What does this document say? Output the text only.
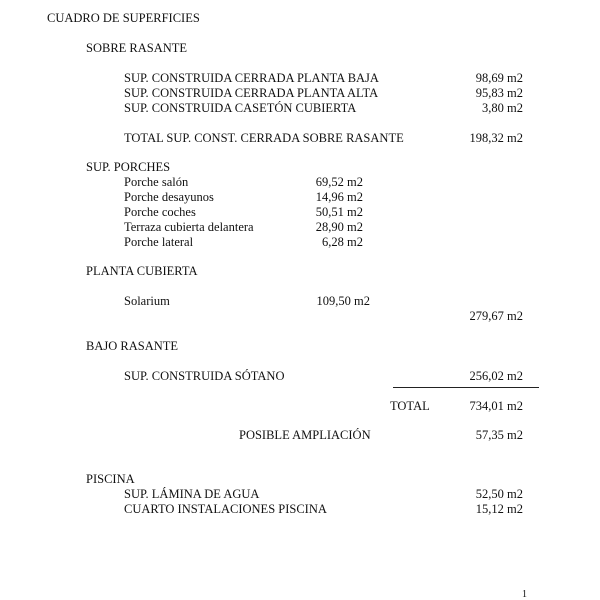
CUADRO DE SUPERFICIES
SOBRE RASANTE
SUP. CONSTRUIDA CERRADA PLANTA BAJA	98,69 m2
SUP. CONSTRUIDA CERRADA PLANTA ALTA	95,83 m2
SUP. CONSTRUIDA CASETÓN CUBIERTA	3,80 m2
TOTAL SUP. CONST. CERRADA SOBRE RASANTE	198,32 m2
SUP. PORCHES
Porche salón	69,52 m2
Porche desayunos	14,96 m2
Porche coches	50,51 m2
Terraza cubierta delantera	28,90 m2
Porche lateral	6,28 m2
PLANTA CUBIERTA
Solarium	109,50 m2
279,67 m2
BAJO RASANTE
SUP. CONSTRUIDA SÓTANO	256,02 m2
TOTAL	734,01 m2
POSIBLE AMPLIACIÓN	57,35 m2
PISCINA
SUP. LÁMINA DE AGUA	52,50 m2
CUARTO INSTALACIONES PISCINA	15,12 m2
1
